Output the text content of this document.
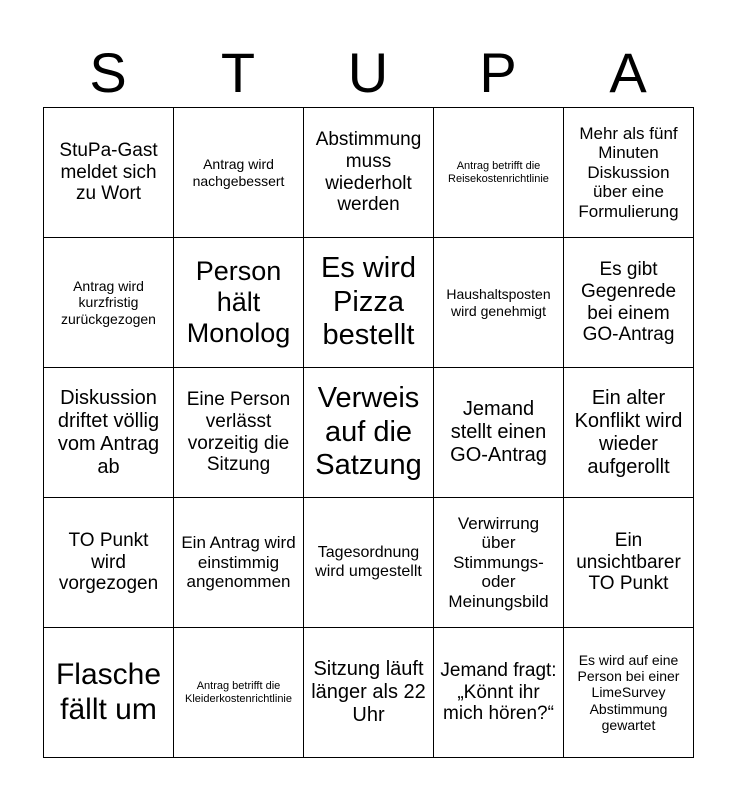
S	T	U	P	A
StuPa-Gast meldet sich zu Wort	Antrag wird nachgebessert	Abstimmung muss wiederholt werden	Antrag betrifft die Reisekostenrichtlinie	Mehr als fünf Minuten Diskussion über eine Formulierung
Antrag wird kurzfristig zurückgezogen	Person hält Monolog	Es wird Pizza bestellt	Haushaltsposten wird genehmigt	Es gibt Gegenrede bei einem GO-Antrag
Diskussion driftet völlig vom Antrag ab	Eine Person verlässt vorzeitig die Sitzung	Verweis auf die Satzung	Jemand stellt einen GO-Antrag	Ein alter Konflikt wird wieder aufgerollt
TO Punkt wird vorgezogen	Ein Antrag wird einstimmig angenommen	Tagesordnung wird umgestellt	Verwirrung über Stimmungs- oder Meinungsbild	Ein unsichtbarer TO Punkt
Flasche fällt um	Antrag betrifft die Kleiderkostenrichtlinie	Sitzung läuft länger als 22 Uhr	Jemand fragt: „Könnt ihr mich hören?“	Es wird auf eine Person bei einer LimeSurvey Abstimmung gewartet
